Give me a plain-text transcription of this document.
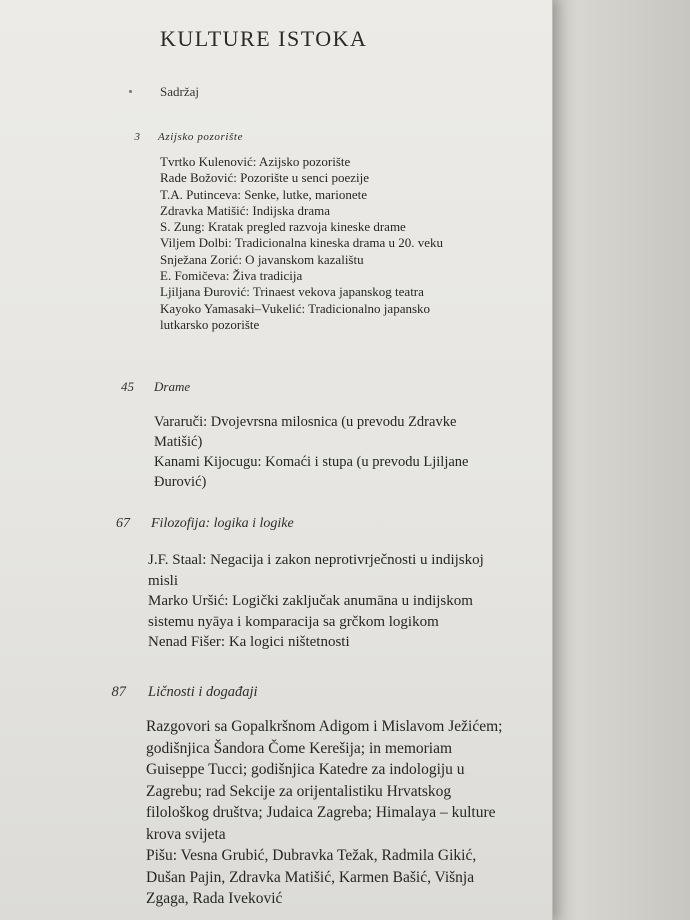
KULTURE ISTOKA
Sadržaj
3 Azijsko pozorište
Tvrtko Kulenović: Azijsko pozorište
Rade Božović: Pozorište u senci poezije
T.A. Putinceva: Senke, lutke, marionete
Zdravka Matišić: Indijska drama
S. Zung: Kratak pregled razvoja kineske drame
Viljem Dolbi: Tradicionalna kineska drama u 20. veku
Snježana Zorić: O javanskom kazalištu
E. Fomičeva: Živa tradicija
Ljiljana Đurović: Trinaest vekova japanskog teatra
Kayoko Yamasaki–Vukelić: Tradicionalno japansko
lutkarsko pozorište
45 Drame
Vararuči: Dvojevrsna milosnica (u prevodu Zdravke
Matišić)
Kanami Kijocugu: Komaći i stupa (u prevodu Ljiljane
Đurović)
67 Filozofija: logika i logike
J.F. Staal: Negacija i zakon neprotivrječnosti u indijskoj
misli
Marko Uršić: Logički zaključak anumāna u indijskom
sistemu nyāya i komparacija sa grčkom logikom
Nenad Fišer: Ka logici ništetnosti
87 Ličnosti i događaji
Razgovori sa Gopalkršnom Adigom i Mislavom Ježićem;
godišnjica Šandora Čome Kerešija; in memoriam
Guiseppe Tucci; godišnjica Katedre za indologiju u
Zagrebu; rad Sekcije za orijentalistiku Hrvatskog
filološkog društva; Judaica Zagreba; Himalaya – kulture
krova svijeta
Pišu: Vesna Grubić, Dubravka Težak, Radmila Gikić,
Dušan Pajin, Zdravka Matišić, Karmen Bašić, Višnja
Zgaga, Rada Iveković
